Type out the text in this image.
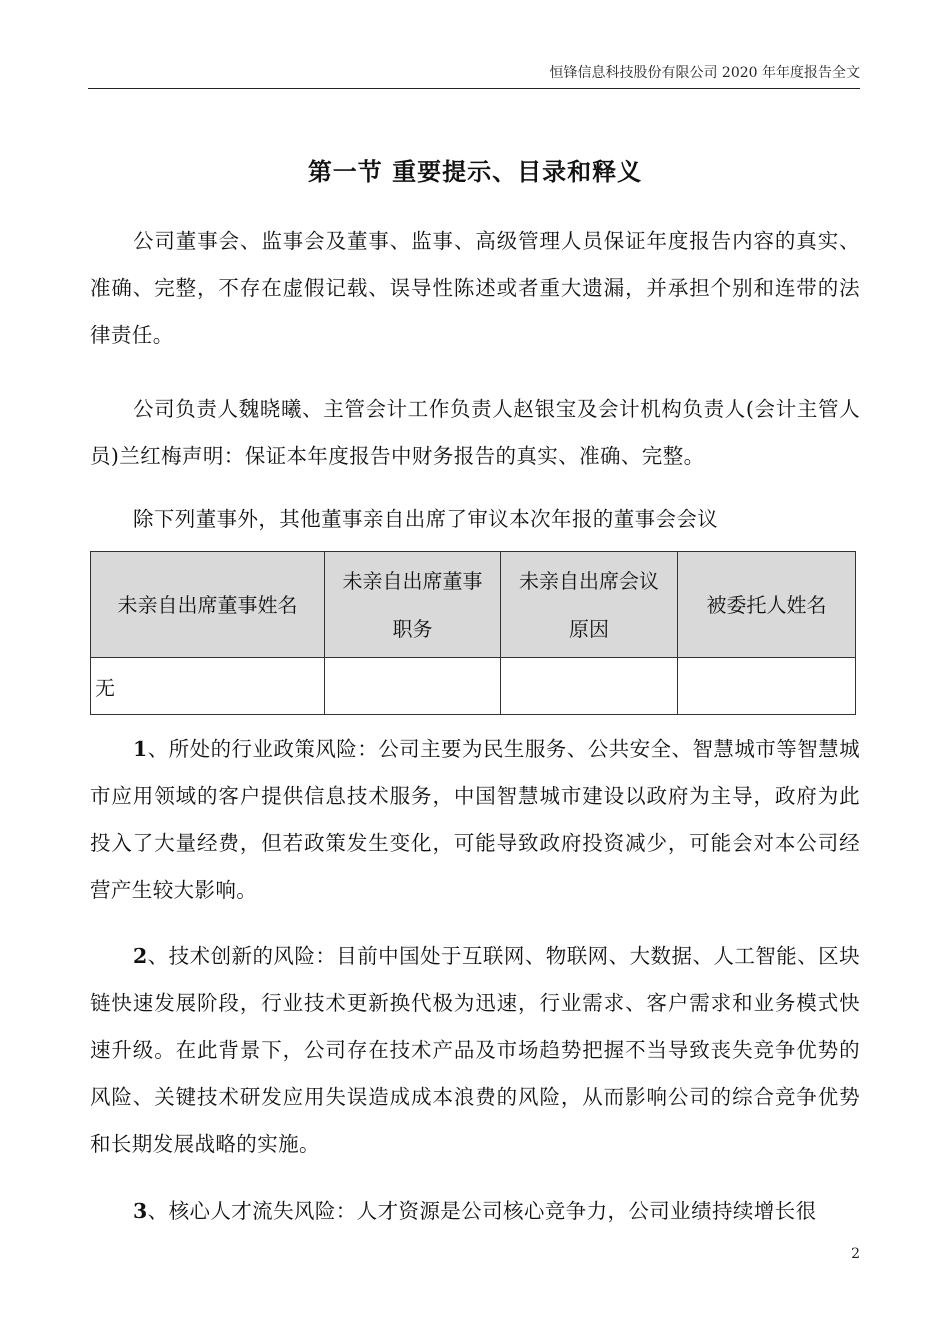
恒锋信息科技股份有限公司 2020 年年度报告全文
第一节 重要提示、目录和释义

公司董事会、监事会及董事、监事、高级管理人员保证年度报告内容的真实、准确、完整，不存在虚假记载、误导性陈述或者重大遗漏，并承担个别和连带的法律责任。

公司负责人魏晓曦、主管会计工作负责人赵银宝及会计机构负责人(会计主管人员)兰红梅声明：保证本年度报告中财务报告的真实、准确、完整。

除下列董事外，其他董事亲自出席了审议本次年报的董事会会议

未亲自出席董事姓名	未亲自出席董事职务	未亲自出席会议原因	被委托人姓名
无			

1、所处的行业政策风险：公司主要为民生服务、公共安全、智慧城市等智慧城市应用领域的客户提供信息技术服务，中国智慧城市建设以政府为主导，政府为此投入了大量经费，但若政策发生变化，可能导致政府投资减少，可能会对本公司经营产生较大影响。

2、技术创新的风险：目前中国处于互联网、物联网、大数据、人工智能、区块链快速发展阶段，行业技术更新换代极为迅速，行业需求、客户需求和业务模式快速升级。在此背景下，公司存在技术产品及市场趋势把握不当导致丧失竞争优势的风险、关键技术研发应用失误造成成本浪费的风险，从而影响公司的综合竞争优势和长期发展战略的实施。

3、核心人才流失风险：人才资源是公司核心竞争力，公司业绩持续增长很

2
